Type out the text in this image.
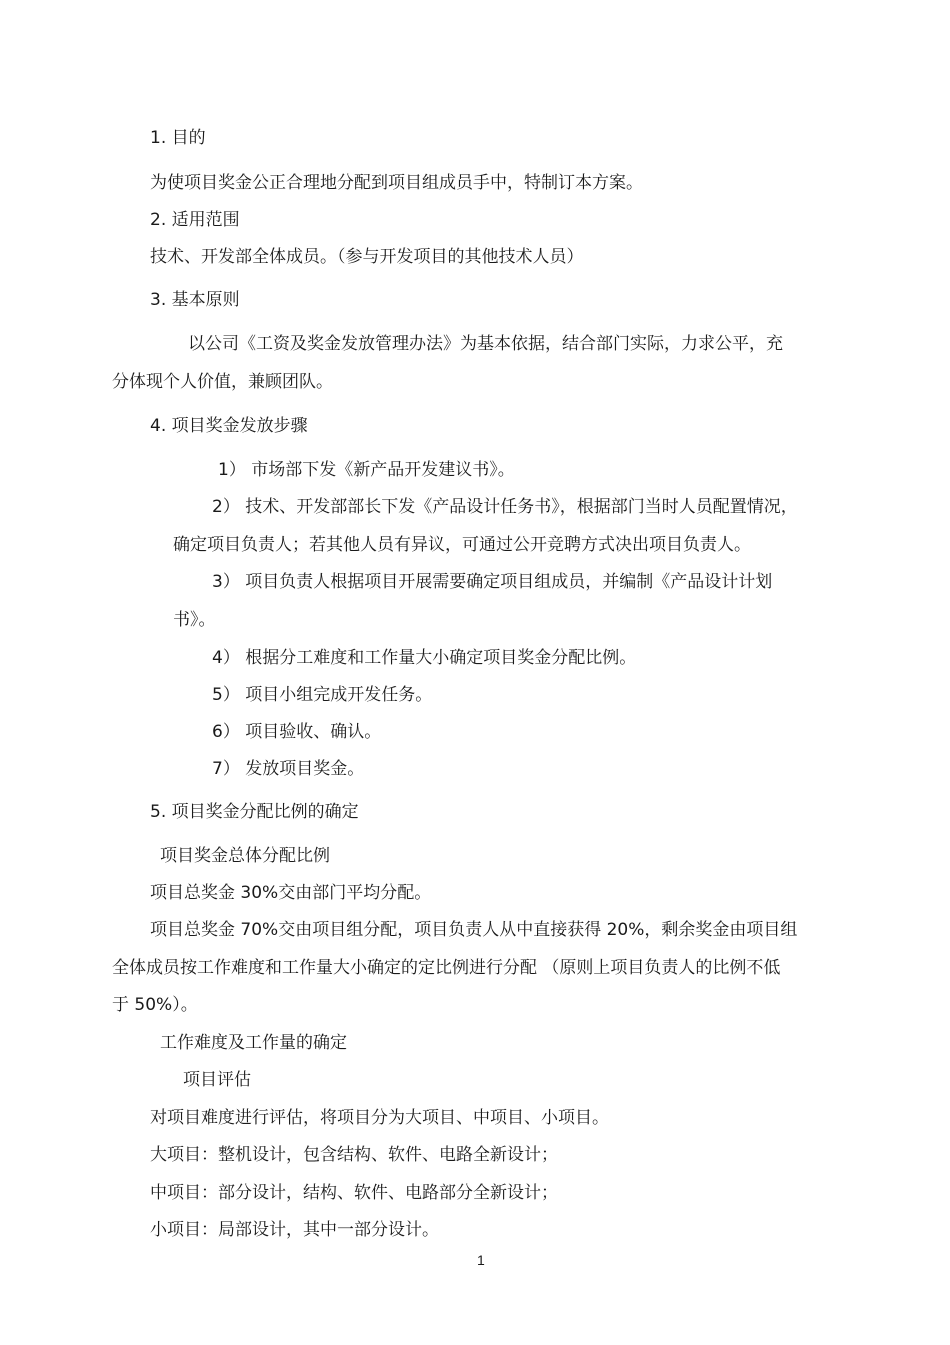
1. 目的
为使项目奖金公正合理地分配到项目组成员手中，特制订本方案。
2. 适用范围
技术、开发部全体成员。（参与开发项目的其他技术人员）
3. 基本原则
以公司《工资及奖金发放管理办法》为基本依据，结合部门实际，力求公平，充
分体现个人价值，兼顾团队。
4. 项目奖金发放步骤
1） 市场部下发《新产品开发建议书》。
2） 技术、开发部部长下发《产品设计任务书》，根据部门当时人员配置情况，
确定项目负责人；若其他人员有异议，可通过公开竞聘方式决出项目负责人。
3） 项目负责人根据项目开展需要确定项目组成员，并编制《产品设计计划
书》。
4） 根据分工难度和工作量大小确定项目奖金分配比例。
5） 项目小组完成开发任务。
6） 项目验收、确认。
7） 发放项目奖金。
5. 项目奖金分配比例的确定
项目奖金总体分配比例
项目总奖金 30%交由部门平均分配。
项目总奖金 70%交由项目组分配，项目负责人从中直接获得 20%，剩余奖金由项目组
全体成员按工作难度和工作量大小确定的定比例进行分配 （原则上项目负责人的比例不低
于 50%）。
工作难度及工作量的确定
项目评估
对项目难度进行评估，将项目分为大项目、中项目、小项目。
大项目：整机设计，包含结构、软件、电路全新设计；
中项目：部分设计，结构、软件、电路部分全新设计；
小项目：局部设计，其中一部分设计。
1
